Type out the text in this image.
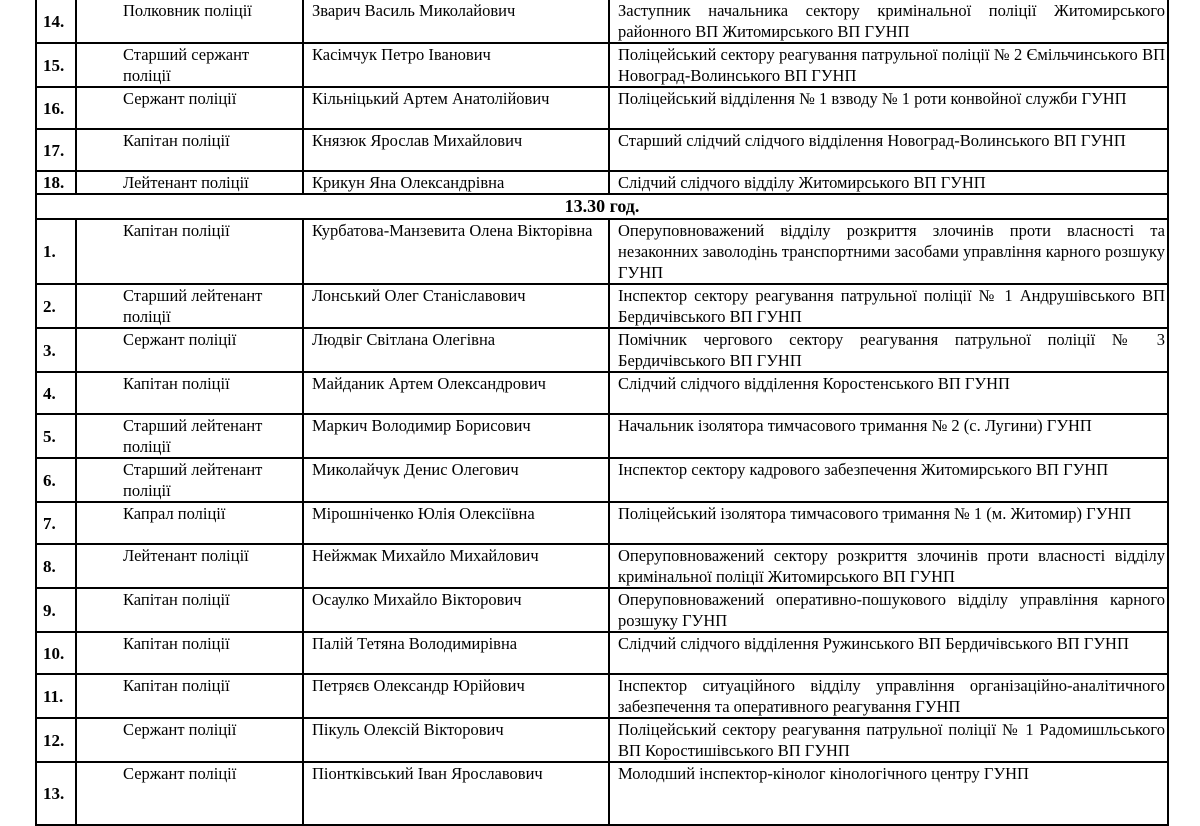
14.	Полковник поліції	Зварич Василь Миколайович	Заступник начальника сектору кримінальної поліції Житомирського районного ВП Житомирського ВП ГУНП
15.	Старший сержант поліції	Касімчук Петро Іванович	Поліцейський сектору реагування патрульної поліції № 2 Ємільчинського ВП Новоград-Волинського ВП ГУНП
16.	Сержант поліції	Кільніцький Артем Анатолійович	Поліцейський відділення № 1 взводу № 1 роти конвойної служби ГУНП
17.	Капітан поліції	Князюк Ярослав Михайлович	Старший слідчий слідчого відділення Новоград-Волинського ВП ГУНП
18.	Лейтенант поліції	Крикун Яна Олександрівна	Слідчий слідчого відділу Житомирського ВП ГУНП
13.30 год.			
1.	Капітан поліції	Курбатова-Манзевита Олена Вікторівна	Оперуповноважений відділу розкриття злочинів проти власності та незаконних заволодінь транспортними засобами управління карного розшуку ГУНП
2.	Старший лейтенант поліції	Лонський Олег Станіславович	Інспектор сектору реагування патрульної поліції № 1 Андрушівського ВП Бердичівського ВП ГУНП
3.	Сержант поліції	Людвіг Світлана Олегівна	Помічник чергового сектору реагування патрульної поліції № 3 Бердичівського ВП ГУНП
4.	Капітан поліції	Майданик Артем Олександрович	Слідчий слідчого відділення Коростенського ВП ГУНП
5.	Старший лейтенант поліції	Маркич Володимир Борисович	Начальник ізолятора тимчасового тримання № 2 (с. Лугини) ГУНП
6.	Старший лейтенант поліції	Миколайчук Денис Олегович	Інспектор сектору кадрового забезпечення Житомирського ВП ГУНП
7.	Капрал поліції	Мірошніченко Юлія Олексіївна	Поліцейський ізолятора тимчасового тримання № 1 (м. Житомир) ГУНП
8.	Лейтенант поліції	Нейжмак Михайло Михайлович	Оперуповноважений сектору розкриття злочинів проти власності відділу кримінальної поліції Житомирського ВП ГУНП
9.	Капітан поліції	Осаулко Михайло Вікторович	Оперуповноважений оперативно-пошукового відділу управління карного розшуку ГУНП
10.	Капітан поліції	Палій Тетяна Володимирівна	Слідчий слідчого відділення Ружинського ВП Бердичівського ВП ГУНП
11.	Капітан поліції	Петряєв Олександр Юрійович	Інспектор ситуаційного відділу управління організаційно-аналітичного забезпечення та оперативного реагування ГУНП
12.	Сержант поліції	Пікуль Олексій Вікторович	Поліцейський сектору реагування патрульної поліції № 1 Радомишльського ВП Коростишівського ВП ГУНП
13.	Сержант поліції	Піонтківський Іван Ярославович	Молодший інспектор-кінолог кінологічного центру ГУНП
